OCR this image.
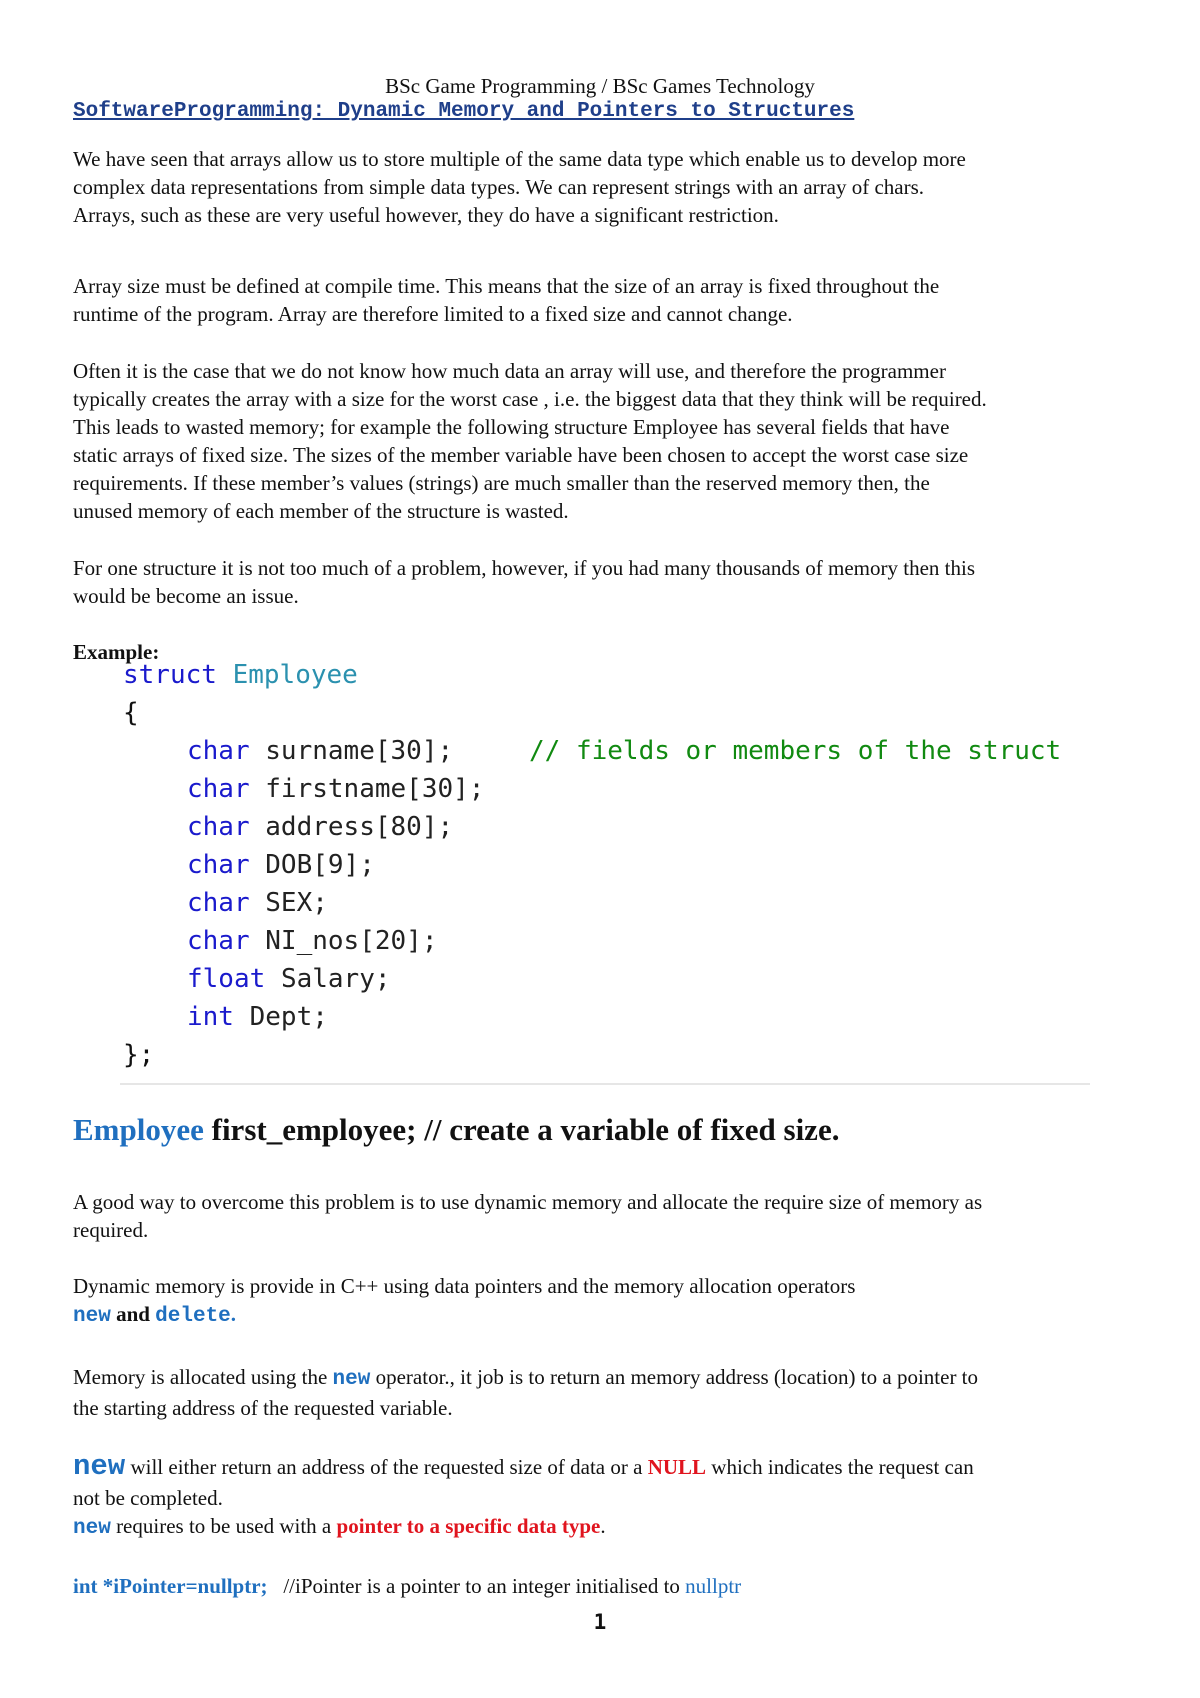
BSc Game Programming / BSc Games Technology
SoftwareProgramming: Dynamic Memory and Pointers to Structures
We have seen that arrays allow us to store multiple of the same data type which enable us to develop more
complex data representations from simple data types. We can represent strings with an array of chars.
Arrays, such as these are very useful however, they do have a significant restriction.
Array size must be defined at compile time. This means that the size of an array is fixed throughout the
runtime of the program. Array are therefore limited to a fixed size and cannot change.
Often it is the case that we do not know how much data an array will use, and therefore the programmer
typically creates the array with a size for the worst case , i.e. the biggest data that they think will be required.
This leads to wasted memory; for example the following structure Employee has several fields that have
static arrays of fixed size. The sizes of the member variable have been chosen to accept the worst case size
requirements. If these member’s values (strings) are much smaller than the reserved memory then, the
unused memory of each member of the structure is wasted.
For one structure it is not too much of a problem, however, if you had many thousands of memory then this
would be become an issue.
Example:
struct Employee
{
char surname[30];	// fields or members of the struct
char firstname[30];
char address[80];
char DOB[9];
char SEX;
char NI_nos[20];
float Salary;
int Dept;
};
Employee first_employee; // create a variable of fixed size.
A good way to overcome this problem is to use dynamic memory and allocate the require size of memory as
required.
Dynamic memory is provide in C++ using data pointers and the memory allocation operators
new and delete.
Memory is allocated using the new operator., it job is to return an memory address (location) to a pointer to
the starting address of the requested variable.
new will either return an address of the requested size of data or a NULL which indicates the request can
not be completed.
new requires to be used with a pointer to a specific data type.
int *iPointer=nullptr; //iPointer is a pointer to an integer initialised to nullptr
1
